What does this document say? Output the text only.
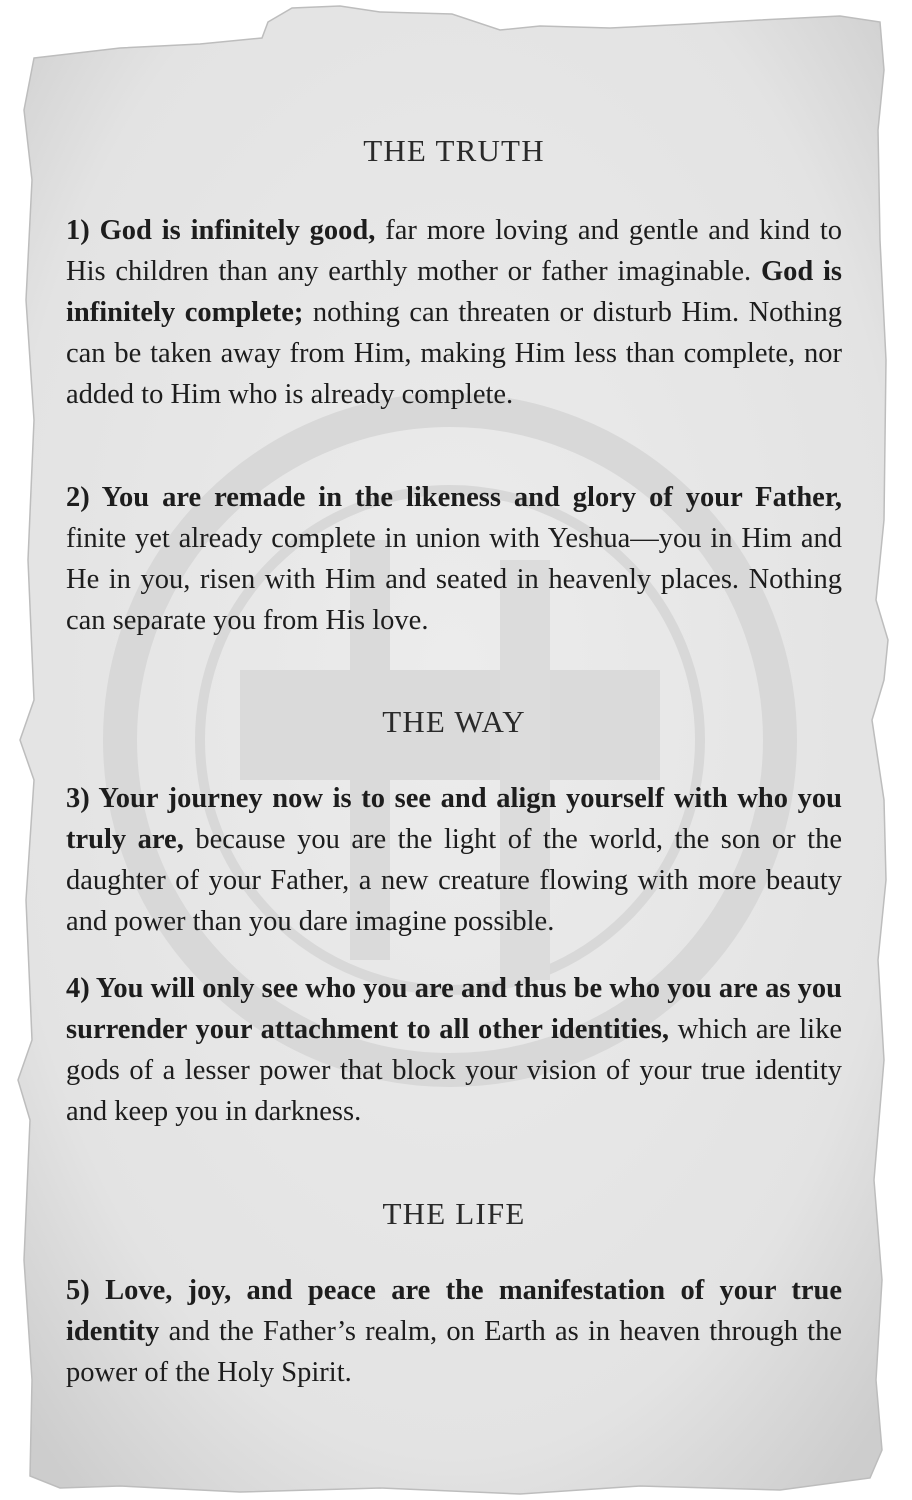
THE TRUTH

1) God is infinitely good, far more loving and gentle and kind to His children than any earthly mother or father imaginable. God is infinitely complete; nothing can threaten or disturb Him. Nothing can be taken away from Him, making Him less than complete, nor added to Him who is already complete.

2) You are remade in the likeness and glory of your Father, finite yet already complete in union with Yeshua—you in Him and He in you, risen with Him and seated in heavenly places. Nothing can separate you from His love.

THE WAY

3) Your journey now is to see and align yourself with who you truly are, because you are the light of the world, the son or the daughter of your Father, a new creature flowing with more beauty and power than you dare imagine possible.

4) You will only see who you are and thus be who you are as you surrender your attachment to all other identities, which are like gods of a lesser power that block your vision of your true identity and keep you in darkness.

THE LIFE

5) Love, joy, and peace are the manifestation of your true identity and the Father’s realm, on Earth as in heaven through the power of the Holy Spirit.
